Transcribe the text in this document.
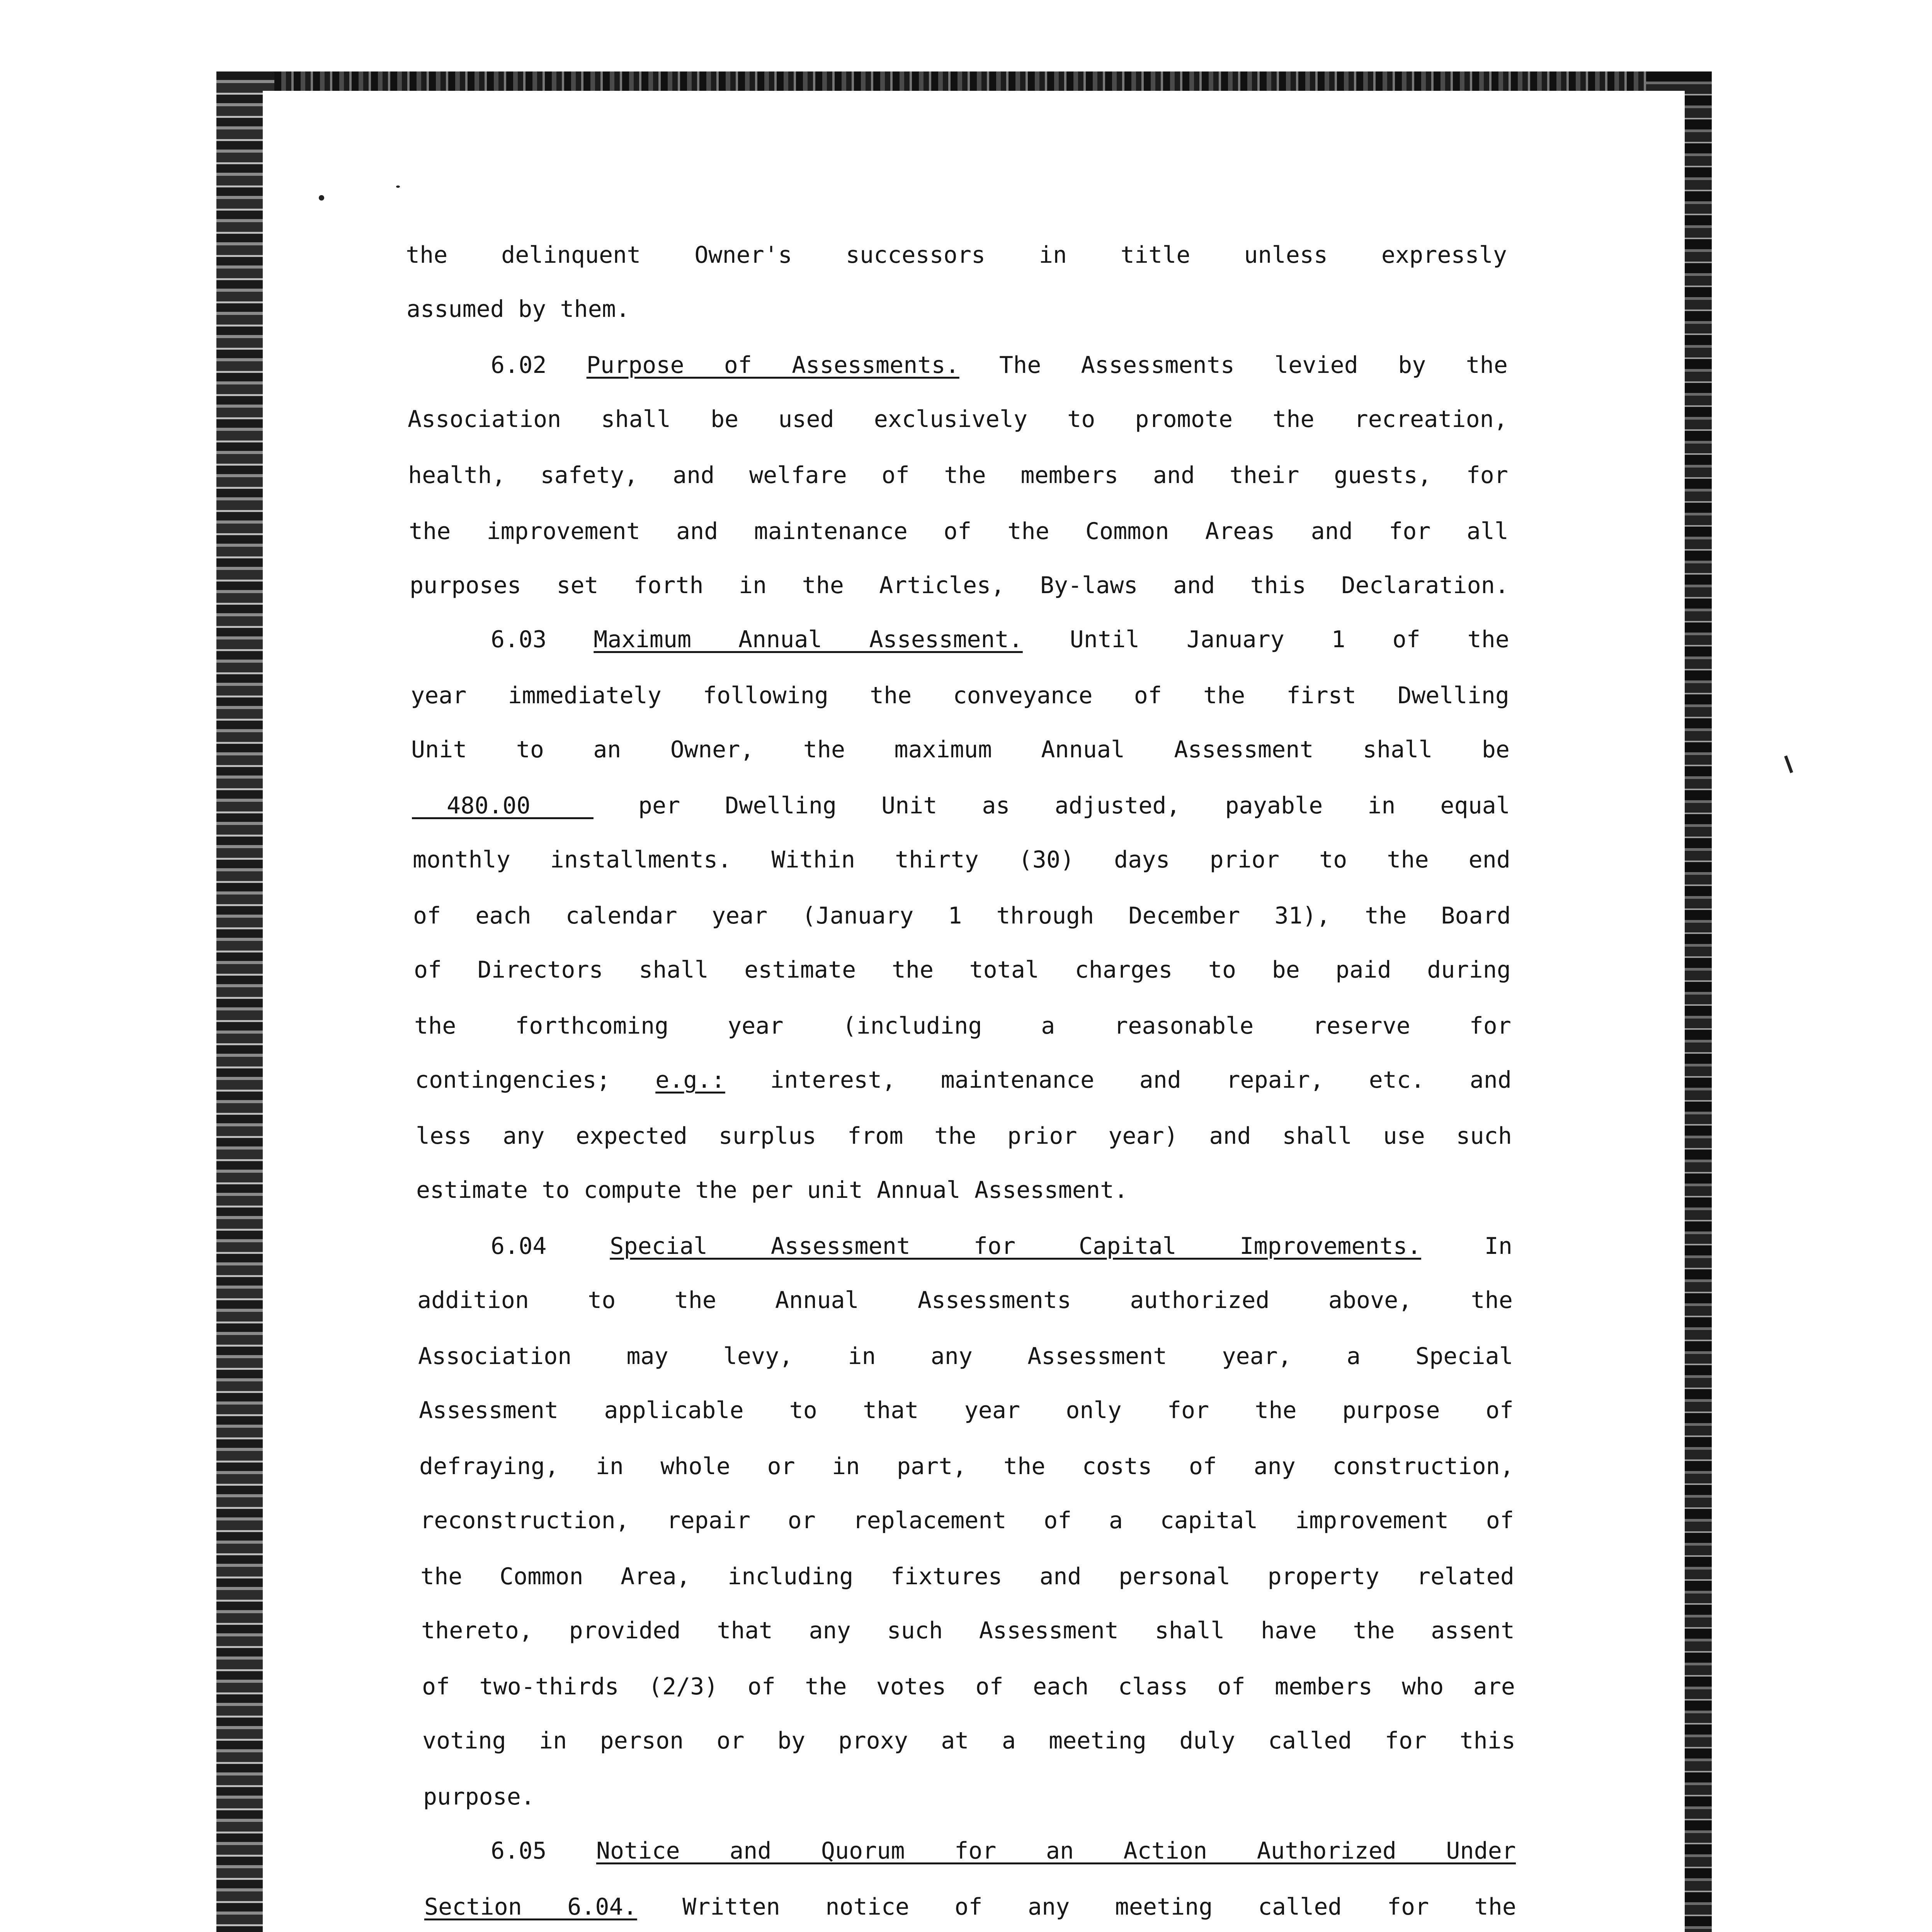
the delinquent Owner's successors in title unless expressly
assumed by them.
6.02 Purpose of Assessments. The Assessments levied by the
Association shall be used exclusively to promote the recreation,
health, safety, and welfare of the members and their guests, for
the improvement and maintenance of the Common Areas and for all
purposes set forth in the Articles, By-laws and this Declaration.
6.03 Maximum Annual Assessment. Until January 1 of the
year immediately following the conveyance of the first Dwelling
Unit to an Owner, the maximum Annual Assessment shall be
480.00	per Dwelling Unit as adjusted, payable in equal
monthly installments. Within thirty (30) days prior to the end
of each calendar year (January 1 through December 31), the Board
of Directors shall estimate the total charges to be paid during
the forthcoming year (including a reasonable reserve for
contingencies; e.g.: interest, maintenance and repair, etc. and
less any expected surplus from the prior year) and shall use such
estimate to compute the per unit Annual Assessment.
6.04 Special Assessment for Capital Improvements. In
addition to the Annual Assessments authorized above, the
Association may levy, in any Assessment year, a Special
Assessment applicable to that year only for the purpose of
defraying, in whole or in part, the costs of any construction,
reconstruction, repair or replacement of a capital improvement of
the Common Area, including fixtures and personal property related
thereto, provided that any such Assessment shall have the assent
of two-thirds (2/3) of the votes of each class of members who are
voting in person or by proxy at a meeting duly called for this
purpose.
6.05 Notice and Quorum for an Action Authorized Under
Section 6.04. Written notice of any meeting called for the
